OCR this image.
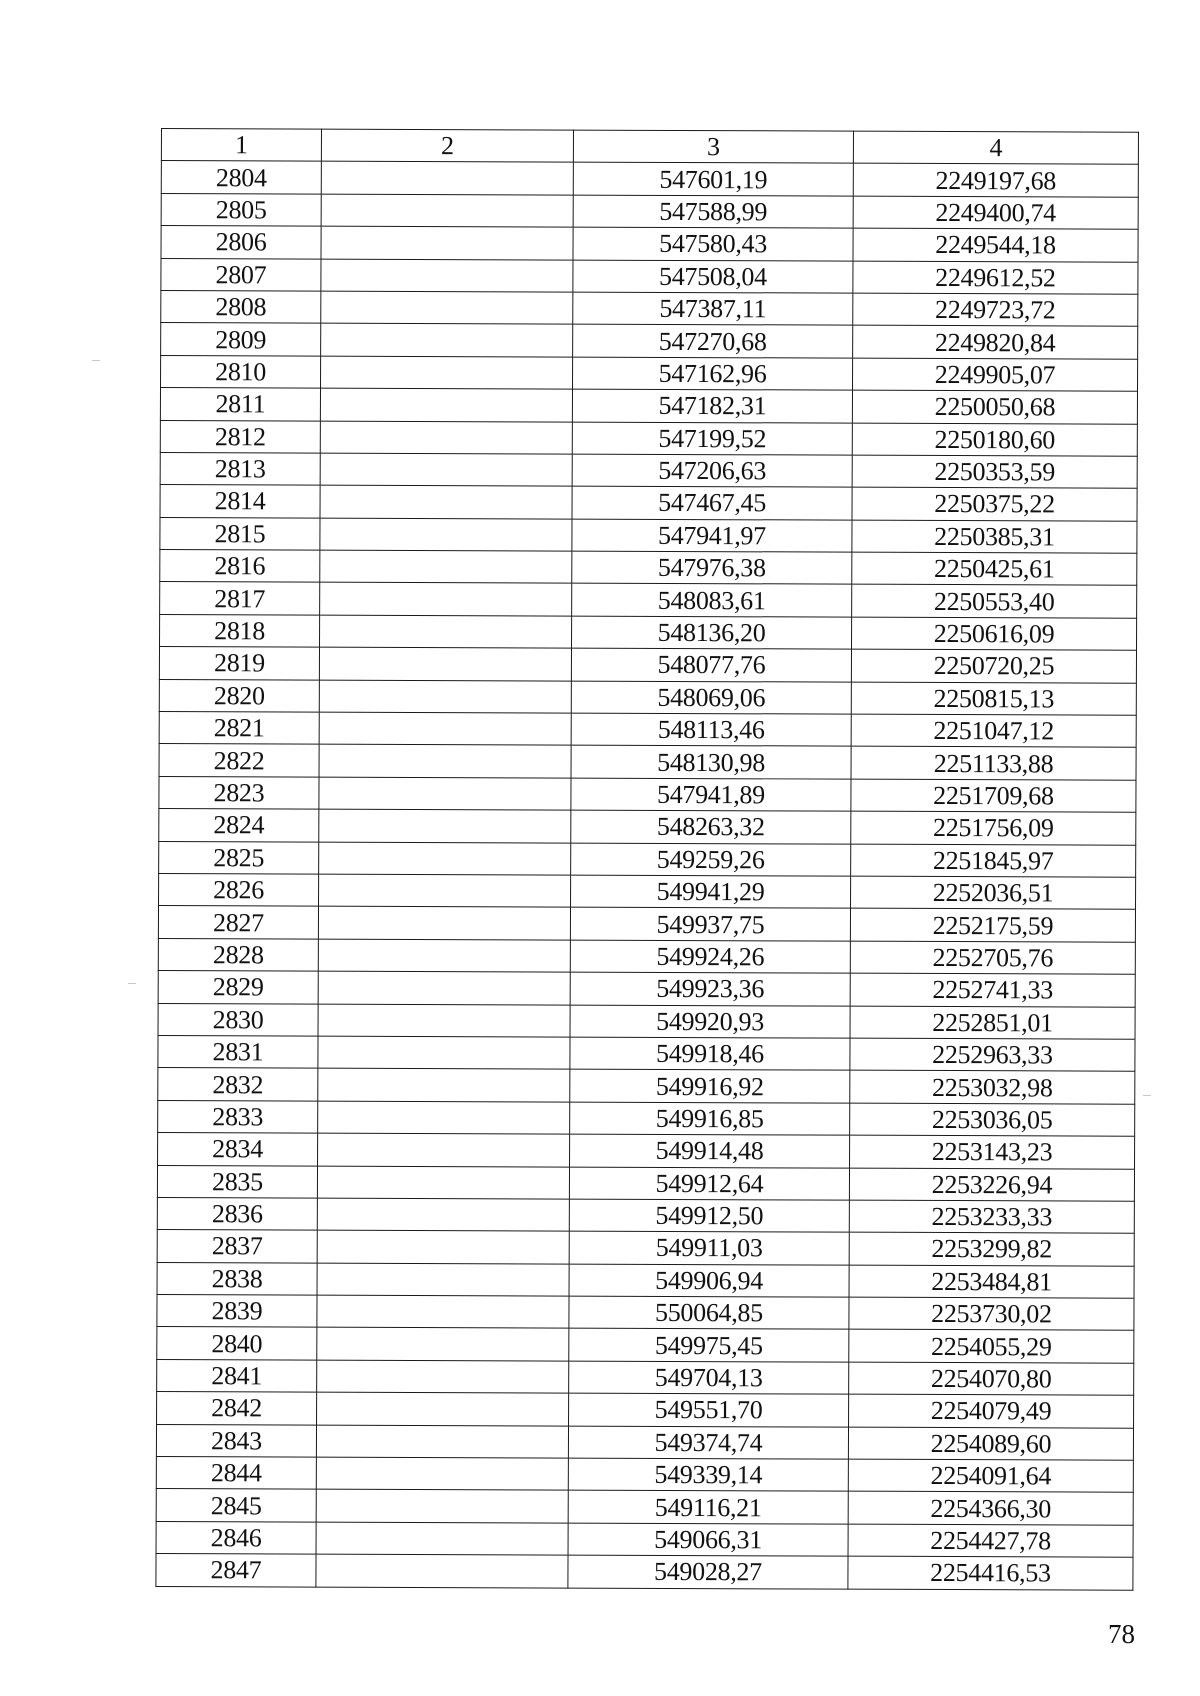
1	2	3	4
2804		547601,19	2249197,68
2805		547588,99	2249400,74
2806		547580,43	2249544,18
2807		547508,04	2249612,52
2808		547387,11	2249723,72
2809		547270,68	2249820,84
2810		547162,96	2249905,07
2811		547182,31	2250050,68
2812		547199,52	2250180,60
2813		547206,63	2250353,59
2814		547467,45	2250375,22
2815		547941,97	2250385,31
2816		547976,38	2250425,61
2817		548083,61	2250553,40
2818		548136,20	2250616,09
2819		548077,76	2250720,25
2820		548069,06	2250815,13
2821		548113,46	2251047,12
2822		548130,98	2251133,88
2823		547941,89	2251709,68
2824		548263,32	2251756,09
2825		549259,26	2251845,97
2826		549941,29	2252036,51
2827		549937,75	2252175,59
2828		549924,26	2252705,76
2829		549923,36	2252741,33
2830		549920,93	2252851,01
2831		549918,46	2252963,33
2832		549916,92	2253032,98
2833		549916,85	2253036,05
2834		549914,48	2253143,23
2835		549912,64	2253226,94
2836		549912,50	2253233,33
2837		549911,03	2253299,82
2838		549906,94	2253484,81
2839		550064,85	2253730,02
2840		549975,45	2254055,29
2841		549704,13	2254070,80
2842		549551,70	2254079,49
2843		549374,74	2254089,60
2844		549339,14	2254091,64
2845		549116,21	2254366,30
2846		549066,31	2254427,78
2847		549028,27	2254416,53
78
